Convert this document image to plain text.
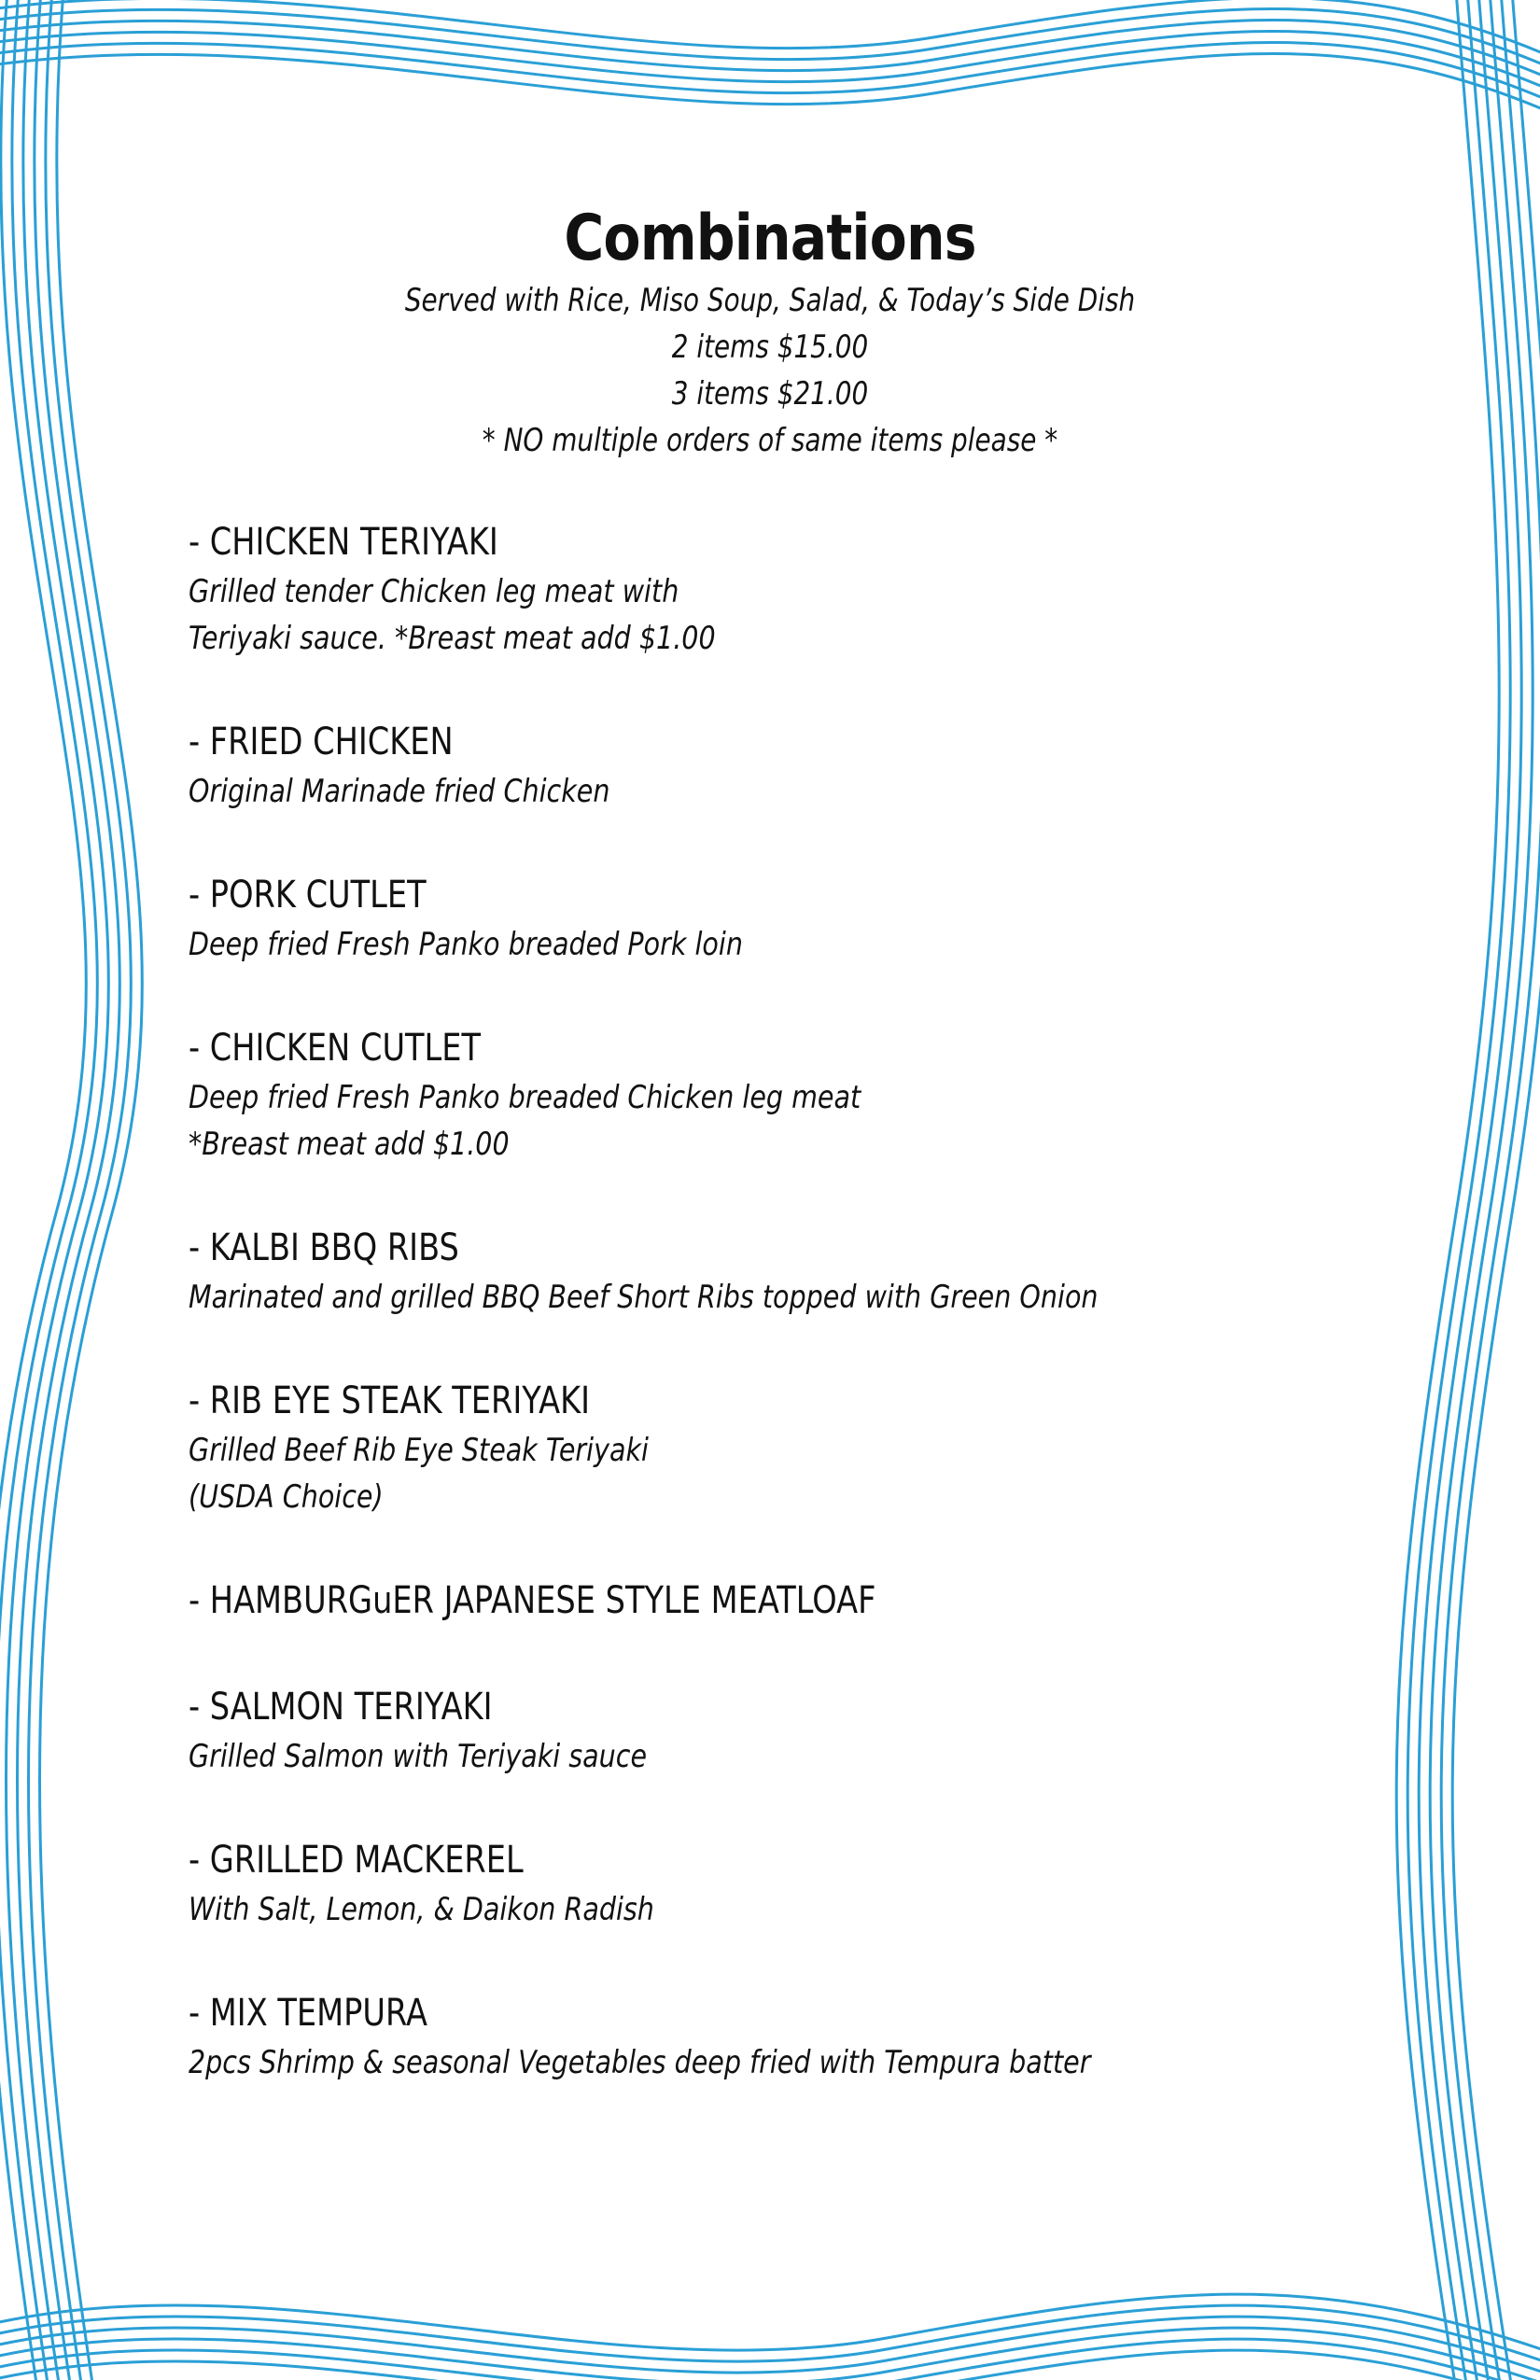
Combinations

Served with Rice, Miso Soup, Salad, & Today’s Side Dish

2 items $15.00

3 items $21.00

* NO multiple orders of same items please *

- CHICKEN TERIYAKI

Grilled tender Chicken leg meat with

Teriyaki sauce. *Breast meat add $1.00

- FRIED CHICKEN

Original Marinade fried Chicken

- PORK CUTLET

Deep fried Fresh Panko breaded Pork loin

- CHICKEN CUTLET

Deep fried Fresh Panko breaded Chicken leg meat

*Breast meat add $1.00

- KALBI BBQ RIBS

Marinated and grilled BBQ Beef Short Ribs topped with Green Onion

- RIB EYE STEAK TERIYAKI

Grilled Beef Rib Eye Steak Teriyaki

(USDA Choice)

- HAMBURGuER JAPANESE STYLE MEATLOAF

- SALMON TERIYAKI

Grilled Salmon with Teriyaki sauce

- GRILLED MACKEREL

With Salt, Lemon, & Daikon Radish

- MIX TEMPURA

2pcs Shrimp & seasonal Vegetables deep fried with Tempura batter
